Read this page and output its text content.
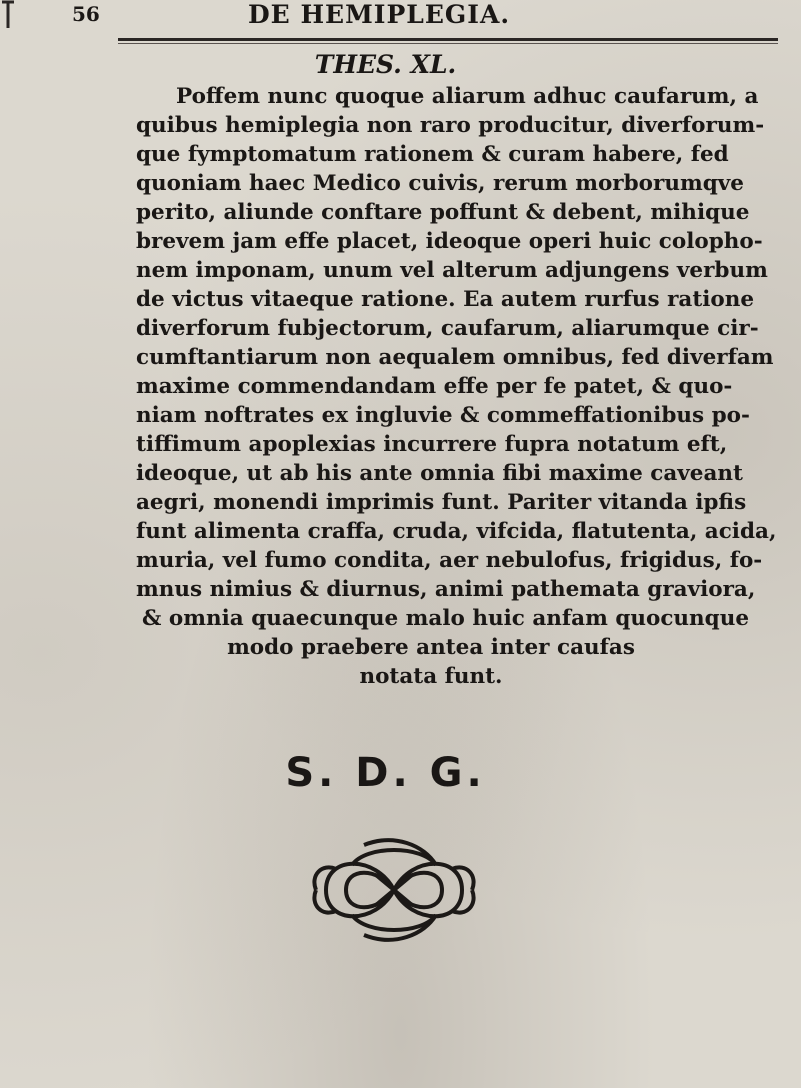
56	DE HEMIPLEGIA.
THES. XL.
Poffem nunc quoque aliarum adhuc caufarum, a
quibus hemiplegia non raro producitur, diverforum-
que fymptomatum rationem & curam habere, fed
quoniam haec Medico cuivis, rerum morborumqve
perito, aliunde conftare poffunt & debent, mihique
brevem jam effe placet, ideoque operi huic colopho-
nem imponam, unum vel alterum adjungens verbum
de victus vitaeque ratione. Ea autem rurfus ratione
diverforum fubjectorum, caufarum, aliarumque cir-
cumftantiarum non aequalem omnibus, fed diverfam
maxime commendandam effe per fe patet, & quo-
niam noftrates ex ingluvie & commeffationibus po-
tiffimum apoplexias incurrere fupra notatum eft,
ideoque, ut ab his ante omnia fibi maxime caveant
aegri, monendi imprimis funt. Pariter vitanda ipfis
funt alimenta craffa, cruda, vifcida, flatutenta, acida,
muria, vel fumo condita, aer nebulofus, frigidus, fo-
mnus nimius & diurnus, animi pathemata graviora,
& omnia quaecunque malo huic anfam quocunque
modo praebere antea inter caufas
notata funt.
S. D. G.
